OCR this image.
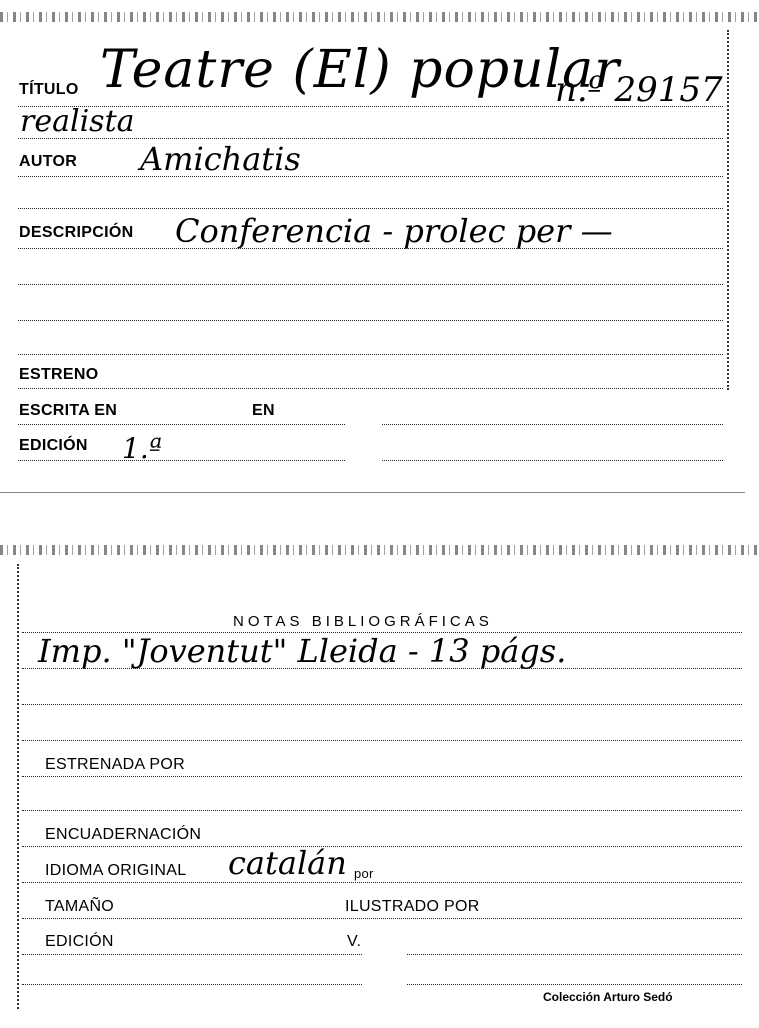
TÍTULO Teatre (El) popular
n.º 29157
realista
AUTOR Amichatis
DESCRIPCIÓN Conferencia - prolec per —
ESTRENO
ESCRITA EN	EN
EDICIÓN 1.ª
NOTAS BIBLIOGRÁFICAS
Imp. "Joventut" Lleida - 13 págs.
ESTRENADA POR
ENCUADERNACIÓN
IDIOMA ORIGINAL catalán por
TAMAÑO	ILUSTRADO POR
EDICIÓN	V.
Colección Arturo Sedó
